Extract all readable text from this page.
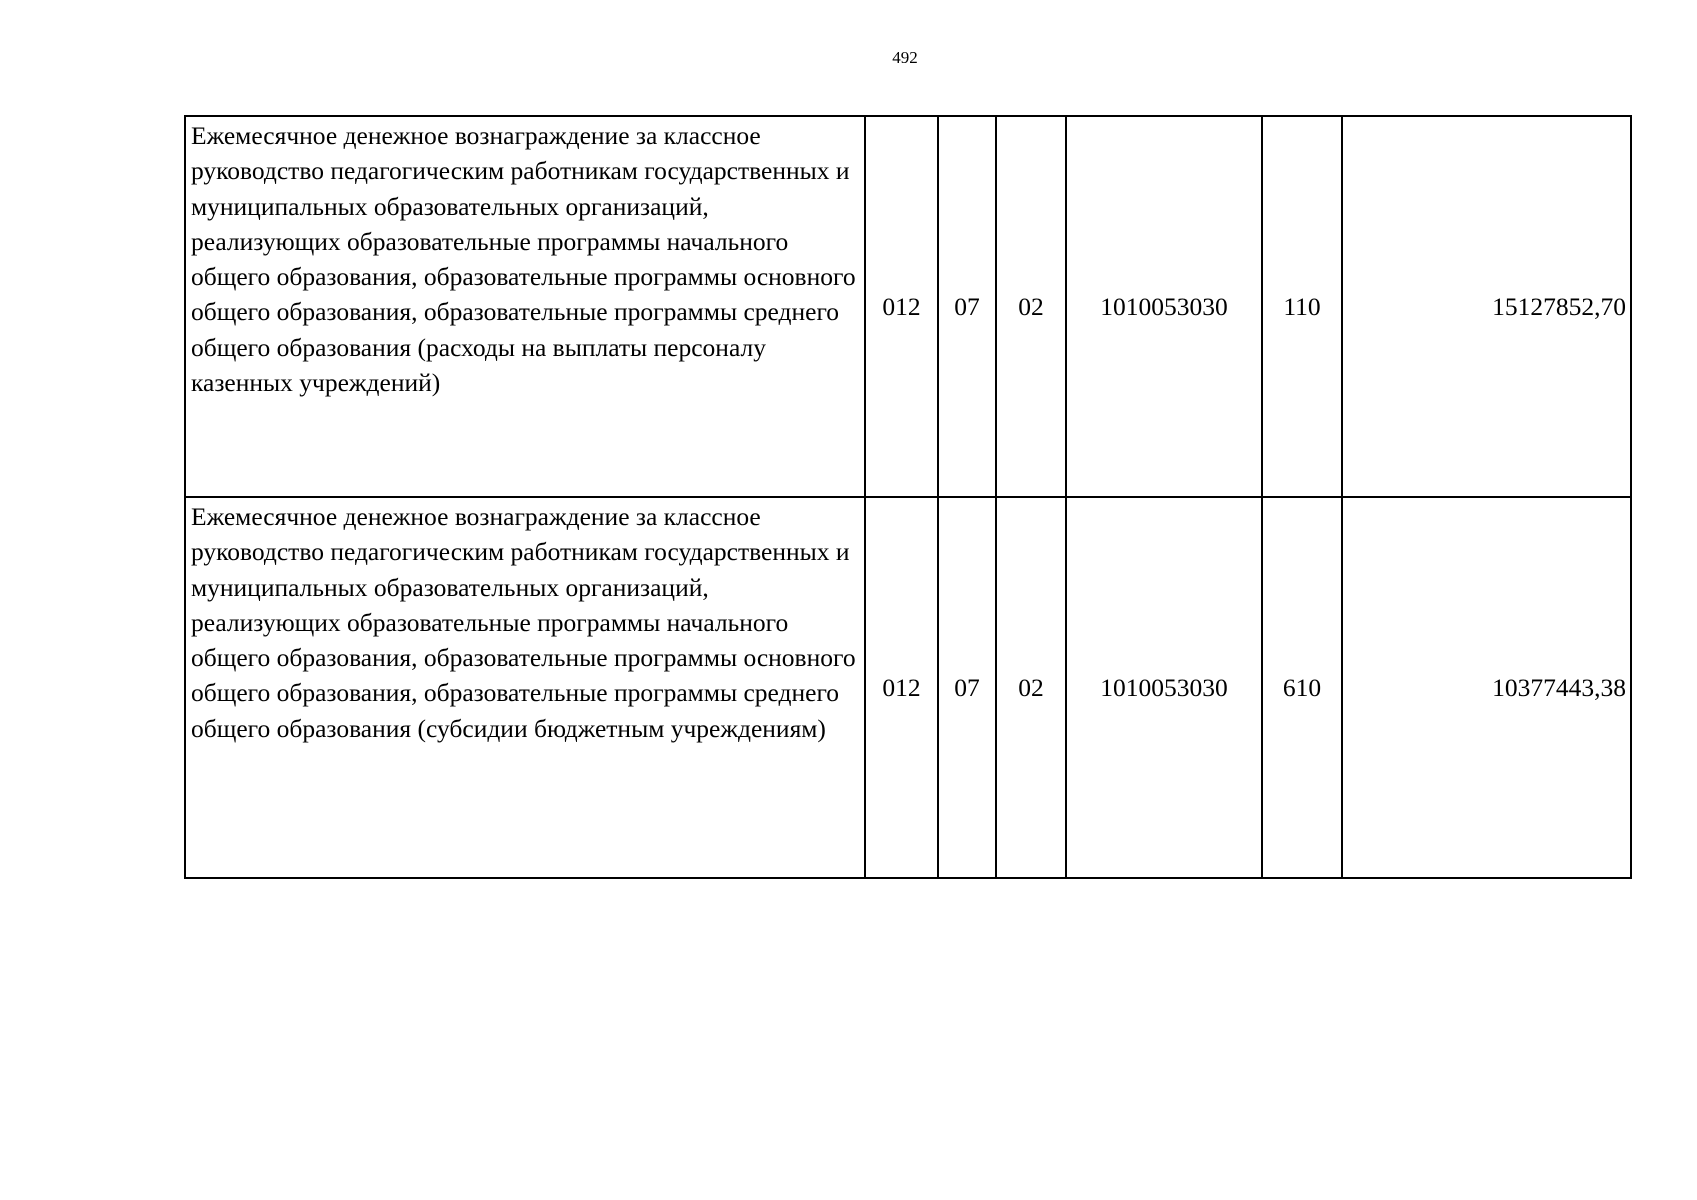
492
Ежемесячное денежное вознаграждение за классное руководство педагогическим работникам государственных и муниципальных образовательных организаций, реализующих образовательные программы начального общего образования, образовательные программы основного общего образования, образовательные программы среднего общего образования (расходы на выплаты персоналу казенных учреждений)	012	07	02	1010053030	110	15127852,70
Ежемесячное денежное вознаграждение за классное руководство педагогическим работникам государственных и муниципальных образовательных организаций, реализующих образовательные программы начального общего образования, образовательные программы основного общего образования, образовательные программы среднего общего образования (субсидии бюджетным учреждениям)	012	07	02	1010053030	610	10377443,38
